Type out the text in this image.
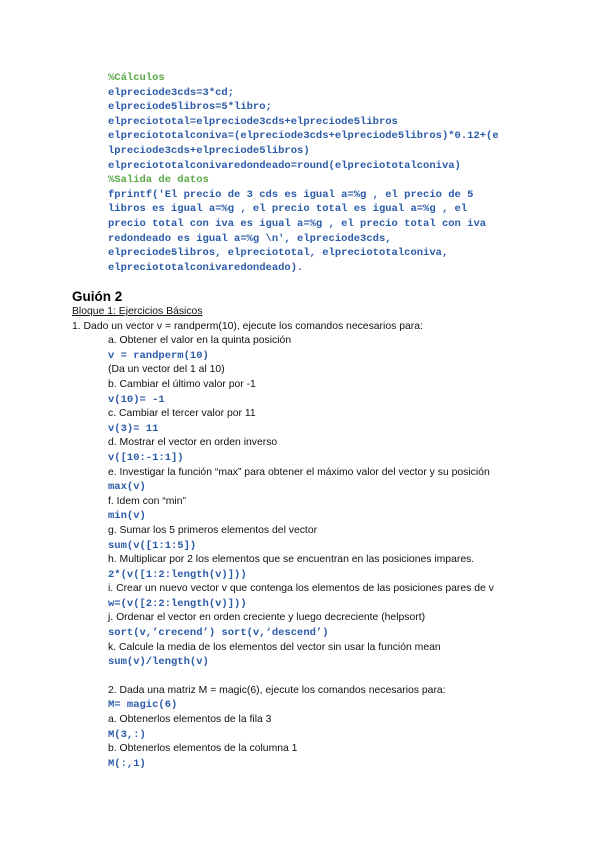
%Cálculos
elpreciode3cds=3*cd;
elpreciode5libros=5*libro;
elpreciototal=elpreciode3cds+elpreciode5libros
elpreciototalconiva=(elpreciode3cds+elpreciode5libros)*0.12+(e
lpreciode3cds+elpreciode5libros)
elpreciototalconivaredondeado=round(elpreciototalconiva)
%Salida de datos
fprintf('El precio de 3 cds es igual a=%g , el precio de 5
libros es igual a=%g , el precio total es igual a=%g , el
precio total con iva es igual a=%g , el precio total con iva
redondeado es igual a=%g \n', elpreciode3cds,
elpreciode5libros, elpreciototal, elpreciototalconiva,
elpreciototalconivaredondeado).
Guión 2
Bloque 1: Ejercicios Básicos
1. Dado un vector v = randperm(10), ejecute los comandos necesarios para:
a. Obtener el valor en la quinta posición
v = randperm(10)
(Da un vector del 1 al 10)
b. Cambiar el último valor por -1
v(10)= -1
c. Cambiar el tercer valor por 11
v(3)= 11
d. Mostrar el vector en orden inverso
v([10:-1:1])
e. Investigar la función “max” para obtener el máximo valor del vector y su posición
max(v)
f. Idem con “min”
min(v)
g. Sumar los 5 primeros elementos del vector
sum(v([1:1:5])
h. Multiplicar por 2 los elementos que se encuentran en las posiciones impares.
2*(v([1:2:length(v)]))
i. Crear un nuevo vector v que contenga los elementos de las posiciones pares de v
w=(v([2:2:length(v)]))
j. Ordenar el vector en orden creciente y luego decreciente (helpsort)
sort(v,’crecend’) sort(v,‘descend’)
k. Calcule la media de los elementos del vector sin usar la función mean
sum(v)/length(v)
2. Dada una matriz M = magic(6), ejecute los comandos necesarios para:
M= magic(6)
a. Obtenerlos elementos de la fila 3
M(3,:)
b. Obtenerlos elementos de la columna 1
M(:,1)
